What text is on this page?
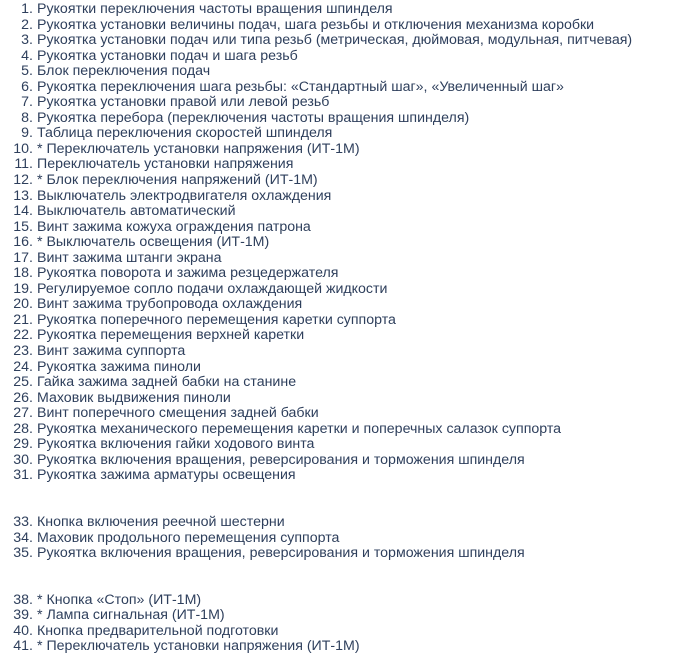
1. Рукоятки переключения частоты вращения шпинделя
2. Рукоятка установки величины подач, шага резьбы и отключения механизма коробки
3. Рукоятка установки подач или типа резьб (метрическая, дюймовая, модульная, питчевая)
4. Рукоятка установки подач и шага резьб
5. Блок переключения подач
6. Рукоятка переключения шага резьбы: «Стандартный шаг», «Увеличенный шаг»
7. Рукоятка установки правой или левой резьб
8. Рукоятка перебора (переключения частоты вращения шпинделя)
9. Таблица переключения скоростей шпинделя
10. * Переключатель установки напряжения (ИТ-1М)
11. Переключатель установки напряжения
12. * Блок переключения напряжений (ИТ-1М)
13. Выключатель электродвигателя охлаждения
14. Выключатель автоматический
15. Винт зажима кожуха ограждения патрона
16. * Выключатель освещения (ИТ-1М)
17. Винт зажима штанги экрана
18. Рукоятка поворота и зажима резцедержателя
19. Регулируемое сопло подачи охлаждающей жидкости
20. Винт зажима трубопровода охлаждения
21. Рукоятка поперечного перемещения каретки суппорта
22. Рукоятка перемещения верхней каретки
23. Винт зажима суппорта
24. Рукоятка зажима пиноли
25. Гайка зажима задней бабки на станине
26. Маховик выдвижения пиноли
27. Винт поперечного смещения задней бабки
28. Рукоятка механического перемещения каретки и поперечных салазок суппорта
29. Рукоятка включения гайки ходового винта
30. Рукоятка включения вращения, реверсирования и торможения шпинделя
31. Рукоятка зажима арматуры освещения
33. Кнопка включения реечной шестерни
34. Маховик продольного перемещения суппорта
35. Рукоятка включения вращения, реверсирования и торможения шпинделя
38. * Кнопка «Стоп» (ИТ-1М)
39. * Лампа сигнальная (ИТ-1М)
40. Кнопка предварительной подготовки
41. * Переключатель установки напряжения (ИТ-1М)
